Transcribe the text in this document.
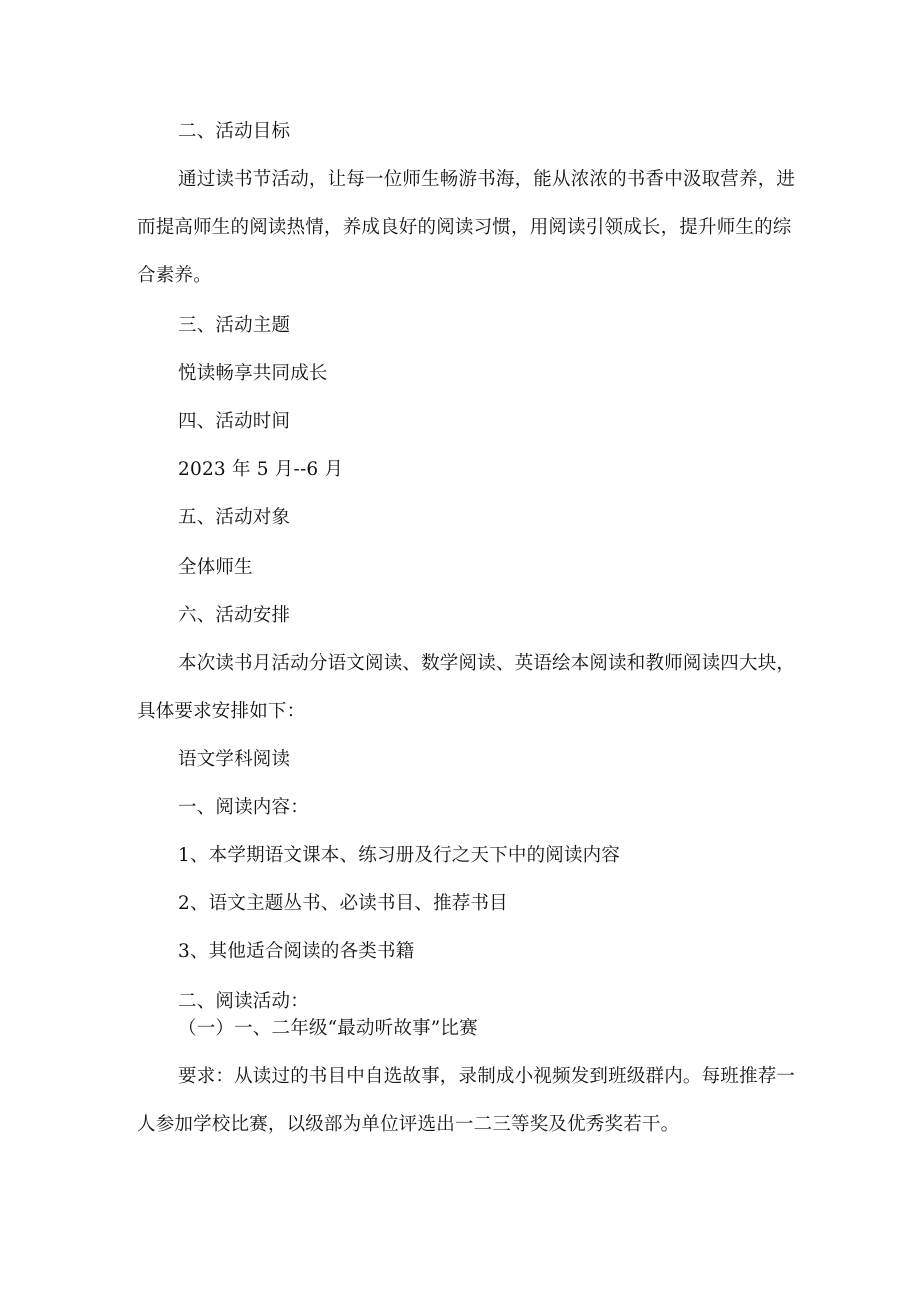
二、活动目标
通过读书节活动，让每一位师生畅游书海，能从浓浓的书香中汲取营养，进
而提高师生的阅读热情，养成良好的阅读习惯，用阅读引领成长，提升师生的综
合素养。
三、活动主题
悦读畅享共同成长
四、活动时间
2023 年 5 月--6 月
五、活动对象
全体师生
六、活动安排
本次读书月活动分语文阅读、数学阅读、英语绘本阅读和教师阅读四大块，
具体要求安排如下：
语文学科阅读
一、阅读内容：
1、本学期语文课本、练习册及行之天下中的阅读内容
2、语文主题丛书、必读书目、推荐书目
3、其他适合阅读的各类书籍
二、阅读活动：
（一）一、二年级“最动听故事”比赛
要求：从读过的书目中自选故事，录制成小视频发到班级群内。每班推荐一
人参加学校比赛，以级部为单位评选出一二三等奖及优秀奖若干。
